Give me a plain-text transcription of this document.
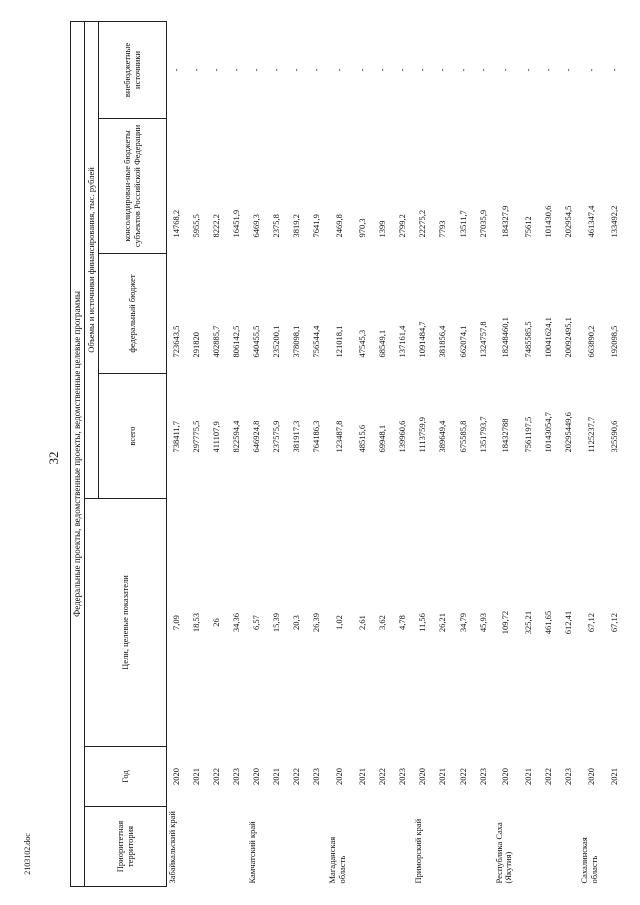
32
2103102.doc
Федеральные проекты, ведомственные проекты, ведомственные целевые программы						
Приоритетная территория	Год	Цели, целевые показатели	Объемы и источники финансирования, тыс. рублей			
			всего	федеральный бюджет	консолидирован-ные бюджеты субъектов Российской Федерации	внебюджетные источники
Забайкальский край	2020	7,09	738411,7	723643,5	14768,2	-
	2021	18,53	297775,5	291820	5955,5	-
	2022	26	411107,9	402885,7	8222,2	-
	2023	34,36	822594,4	806142,5	16451,9	-
Камчатский край	2020	6,57	646924,8	640455,5	6469,3	-
	2021	15,39	237575,9	235200,1	2375,8	-
	2022	20,3	381917,3	378098,1	3819,2	-
	2023	26,39	764186,3	756544,4	7641,9	-
Магаданская область	2020	1,02	123487,8	121018,1	2469,8	-
	2021	2,61	48515,6	47545,3	970,3	-
	2022	3,62	69948,1	68549,1	1399	-
	2023	4,78	139960,6	137161,4	2799,2	-
Приморский край	2020	11,56	1113759,9	1091484,7	22275,2	-
	2021	26,21	389649,4	381856,4	7793	-
	2022	34,79	675585,8	662074,1	13511,7	-
	2023	45,93	1351793,7	1324757,8	27035,9	-
Республика Саха (Якутия)	2020	109,72	18432788	18248460,1	184327,9	-
	2021	325,21	7561197,5	7485585,5	75612	-
	2022	461,65	10143054,7	10041624,1	101430,6	-
	2023	612,41	20295449,6	20092495,1	202954,5	-
Сахалинская область	2020	67,12	1125237,7	663890,2	461347,4	-
	2021	67,12	325590,6	192098,5	133492,2	-
